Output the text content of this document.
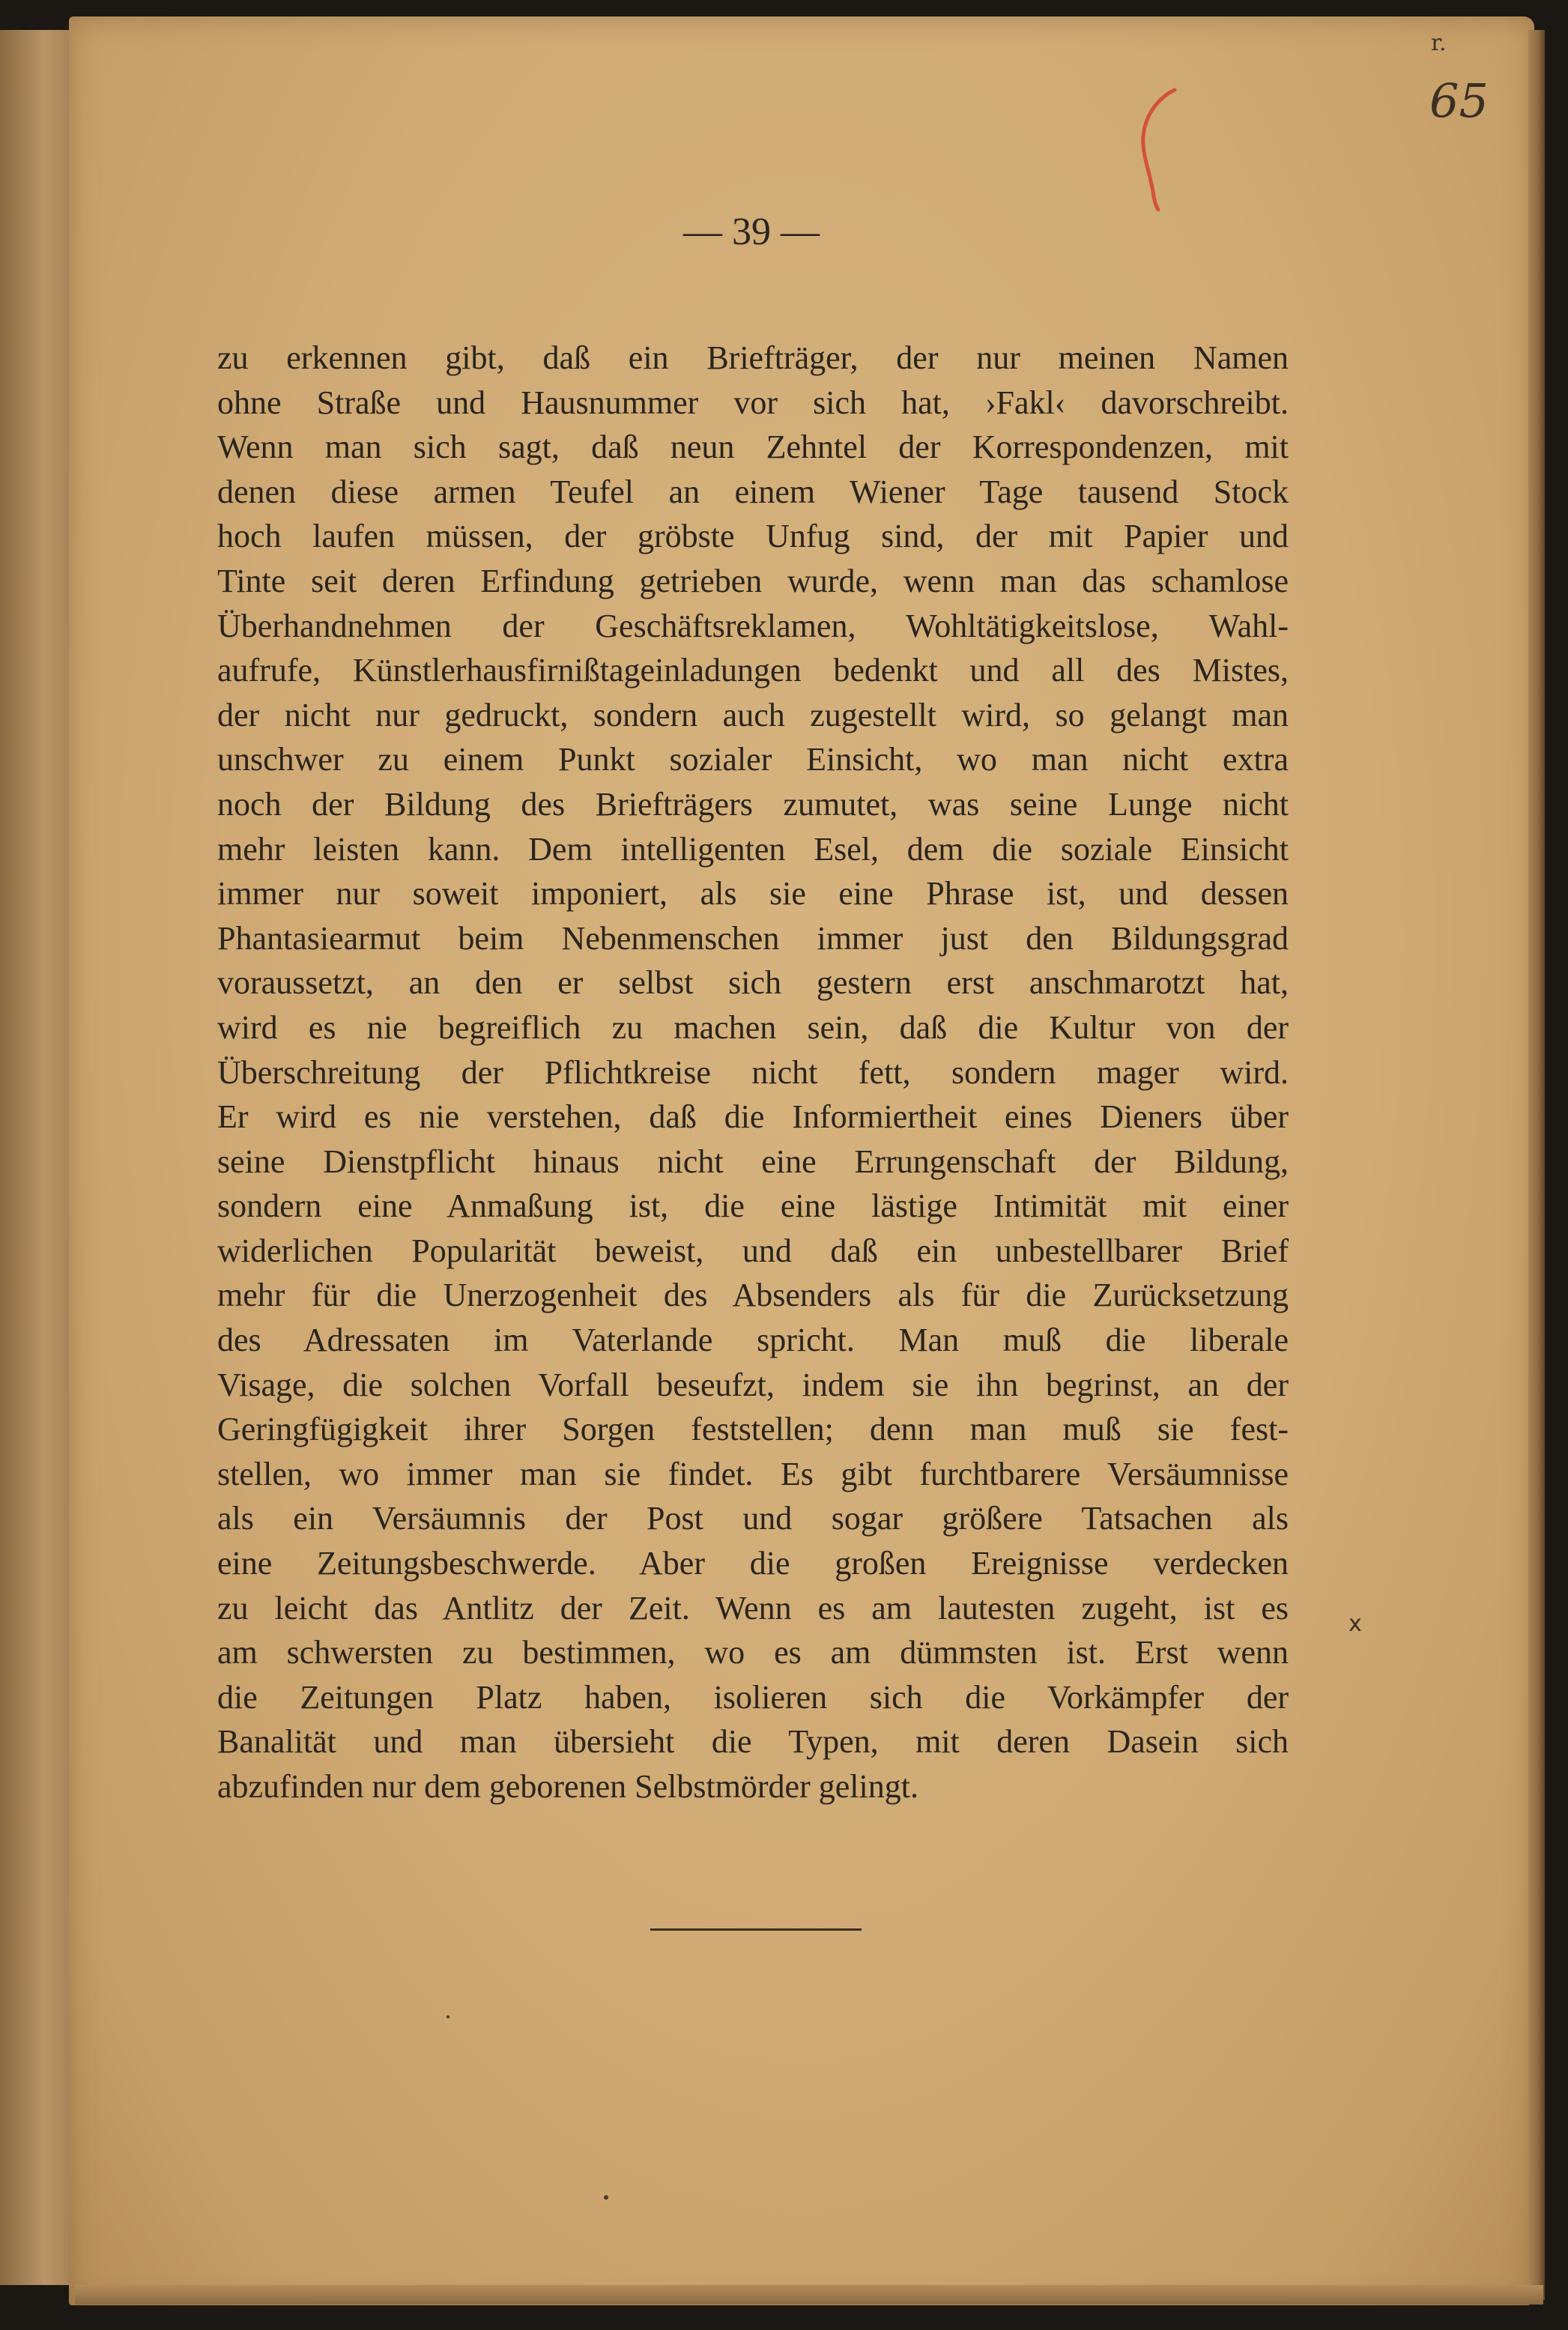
r.
65
— 39 —
zu erkennen gibt, daß ein Briefträger, der nur meinen Namen
ohne Straße und Hausnummer vor sich hat, ›Fakl‹ davorschreibt.
Wenn man sich sagt, daß neun Zehntel der Korrespondenzen, mit
denen diese armen Teufel an einem Wiener Tage tausend Stock
hoch laufen müssen, der gröbste Unfug sind, der mit Papier und
Tinte seit deren Erfindung getrieben wurde, wenn man das schamlose
Überhandnehmen der Geschäftsreklamen, Wohltätigkeitslose, Wahl-
aufrufe, Künstlerhausfirnißtageinladungen bedenkt und all des Mistes,
der nicht nur gedruckt, sondern auch zugestellt wird, so gelangt man
unschwer zu einem Punkt sozialer Einsicht, wo man nicht extra
noch der Bildung des Briefträgers zumutet, was seine Lunge nicht
mehr leisten kann. Dem intelligenten Esel, dem die soziale Einsicht
immer nur soweit imponiert, als sie eine Phrase ist, und dessen
Phantasiearmut beim Nebenmenschen immer just den Bildungsgrad
voraussetzt, an den er selbst sich gestern erst anschmarotzt hat,
wird es nie begreiflich zu machen sein, daß die Kultur von der
Überschreitung der Pflichtkreise nicht fett, sondern mager wird.
Er wird es nie verstehen, daß die Informiertheit eines Dieners über
seine Dienstpflicht hinaus nicht eine Errungenschaft der Bildung,
sondern eine Anmaßung ist, die eine lästige Intimität mit einer
widerlichen Popularität beweist, und daß ein unbestellbarer Brief
mehr für die Unerzogenheit des Absenders als für die Zurücksetzung
des Adressaten im Vaterlande spricht. Man muß die liberale
Visage, die solchen Vorfall beseufzt, indem sie ihn begrinst, an der
Geringfügigkeit ihrer Sorgen feststellen; denn man muß sie fest-
stellen, wo immer man sie findet. Es gibt furchtbarere Versäumnisse
als ein Versäumnis der Post und sogar größere Tatsachen als
eine Zeitungsbeschwerde. Aber die großen Ereignisse verdecken
zu leicht das Antlitz der Zeit. Wenn es am lautesten zugeht, ist es
am schwersten zu bestimmen, wo es am dümmsten ist. Erst wenn
die Zeitungen Platz haben, isolieren sich die Vorkämpfer der
Banalität und man übersieht die Typen, mit deren Dasein sich
abzufinden nur dem geborenen Selbstmörder gelingt.
x
